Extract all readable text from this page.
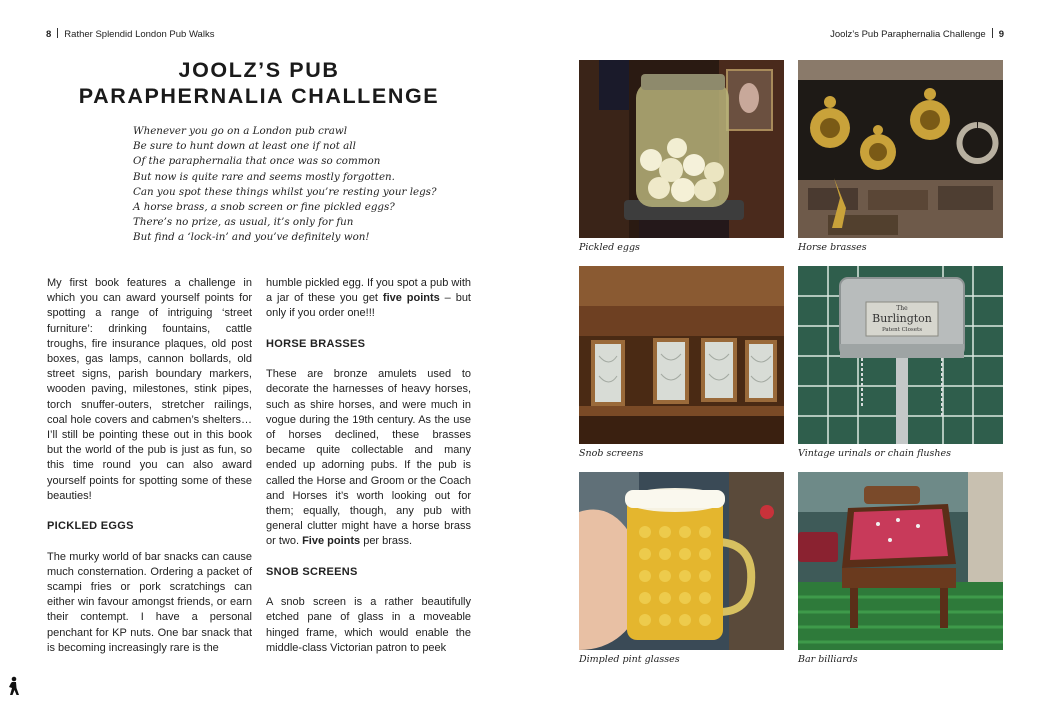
8 Rather Splendid London Pub Walks
JOOLZ’S PUB
PARAPHERNALIA CHALLENGE
Whenever you go on a London pub crawl
Be sure to hunt down at least one if not all
Of the paraphernalia that once was so common
But now is quite rare and seems mostly forgotten.
Can you spot these things whilst you’re resting your legs?
A horse brass, a snob screen or fine pickled eggs?
There’s no prize, as usual, it’s only for fun
But find a ‘lock-in’ and you’ve definitely won!

My first book features a challenge in which you can award yourself points for spotting a range of intriguing ‘street furniture’: drinking fountains, cattle troughs, fire insurance plaques, old post boxes, gas lamps, cannon bollards, old street signs, parish boundary markers, wooden paving, milestones, stink pipes, torch snuffer-outers, stretcher railings, coal hole covers and cabmen’s shelters… I’ll still be pointing these out in this book but the world of the pub is just as fun, so this time round you can also award yourself points for spotting some of these beauties!

PICKLED EGGS

The murky world of bar snacks can cause much consternation. Ordering a packet of scampi fries or pork scratchings can either win favour amongst friends, or earn their contempt. I have a personal penchant for KP nuts. One bar snack that is becoming increasingly rare is the

humble pickled egg. If you spot a pub with a jar of these you get five points – but only if you order one!!!

HORSE BRASSES

These are bronze amulets used to decorate the harnesses of heavy horses, such as shire horses, and were much in vogue during the 19th century. As the use of horses declined, these brasses became quite collectable and many ended up adorning pubs. If the pub is called the Horse and Groom or the Coach and Horses it’s worth looking out for them; equally, though, any pub with general clutter might have a horse brass or two. Five points per brass.

SNOB SCREENS

A snob screen is a rather beautifully etched pane of glass in a moveable hinged frame, which would enable the middle-class Victorian patron to peek

Joolz’s Pub Paraphernalia Challenge 9
Pickled eggs	Horse brasses
Snob screens
The
Burlington
Patent Closets
Vintage urinals or chain flushes
Dimpled pint glasses	Bar billiards
